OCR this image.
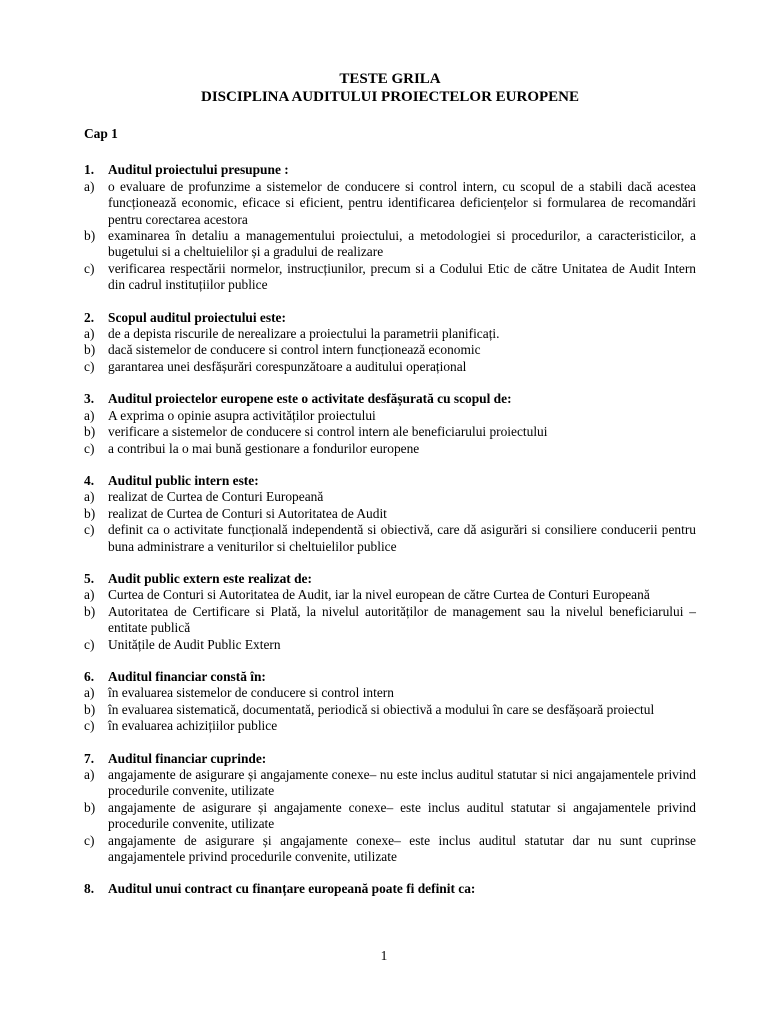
TESTE GRILA
DISCIPLINA AUDITULUI PROIECTELOR EUROPENE
Cap 1
1.	Auditul proiectului presupune :
a)	o evaluare de profunzime a sistemelor de conducere si control intern, cu scopul de a stabili dacă acestea funcționează economic, eficace si eficient, pentru identificarea deficiențelor si formularea de recomandări pentru corectarea acestora
b) examinarea în detaliu a managementului proiectului, a metodologiei si procedurilor, a caracteristicilor, a bugetului si a cheltuielilor și a gradului de realizare
c)	verificarea respectării normelor, instrucțiunilor, precum si a Codului Etic de către Unitatea de Audit Intern din cadrul instituțiilor publice
2.	Scopul auditul proiectului este:
a)	de a depista riscurile de nerealizare a proiectului la parametrii planificați.
b) dacă sistemelor de conducere si control intern funcționează economic
c)	garantarea unei desfășurări corespunzătoare a auditului operațional
3.	Auditul proiectelor europene este o activitate desfășurată cu scopul de:
a)	A exprima o opinie asupra activităților proiectului
b) verificare a sistemelor de conducere si control intern ale beneficiarului proiectului
c)	a contribui la o mai bună gestionare a fondurilor europene
4.	Auditul public intern este:
a)	realizat de Curtea de Conturi Europeană
b) realizat de Curtea de Conturi si Autoritatea de Audit
c)	definit ca o activitate funcțională independentă si obiectivă, care dă asigurări si consiliere conducerii pentru buna administrare a veniturilor si cheltuielilor publice
5.	Audit public extern este realizat de:
a)	Curtea de Conturi si Autoritatea de Audit, iar la nivel european de către Curtea de Conturi Europeană
b) Autoritatea de Certificare si Plată, la nivelul autorităților de management sau la nivelul beneficiarului – entitate publică
c)	Unitățile de Audit Public Extern
6.	Auditul financiar constă în:
a)	în evaluarea sistemelor de conducere si control intern
b) în evaluarea sistematică, documentată, periodică si obiectivă a modului în care se desfășoară proiectul
c)	în evaluarea achizițiilor publice
7.	Auditul financiar cuprinde:
a)	angajamente de asigurare și angajamente conexe– nu este inclus auditul statutar si nici angajamentele privind procedurile convenite, utilizate
b) angajamente de asigurare și angajamente conexe– este inclus auditul statutar si angajamentele privind procedurile convenite, utilizate
c)	angajamente de asigurare și angajamente conexe– este inclus auditul statutar dar nu sunt cuprinse angajamentele privind procedurile convenite, utilizate
8.	Auditul unui contract cu finanțare europeană poate fi definit ca:
1
